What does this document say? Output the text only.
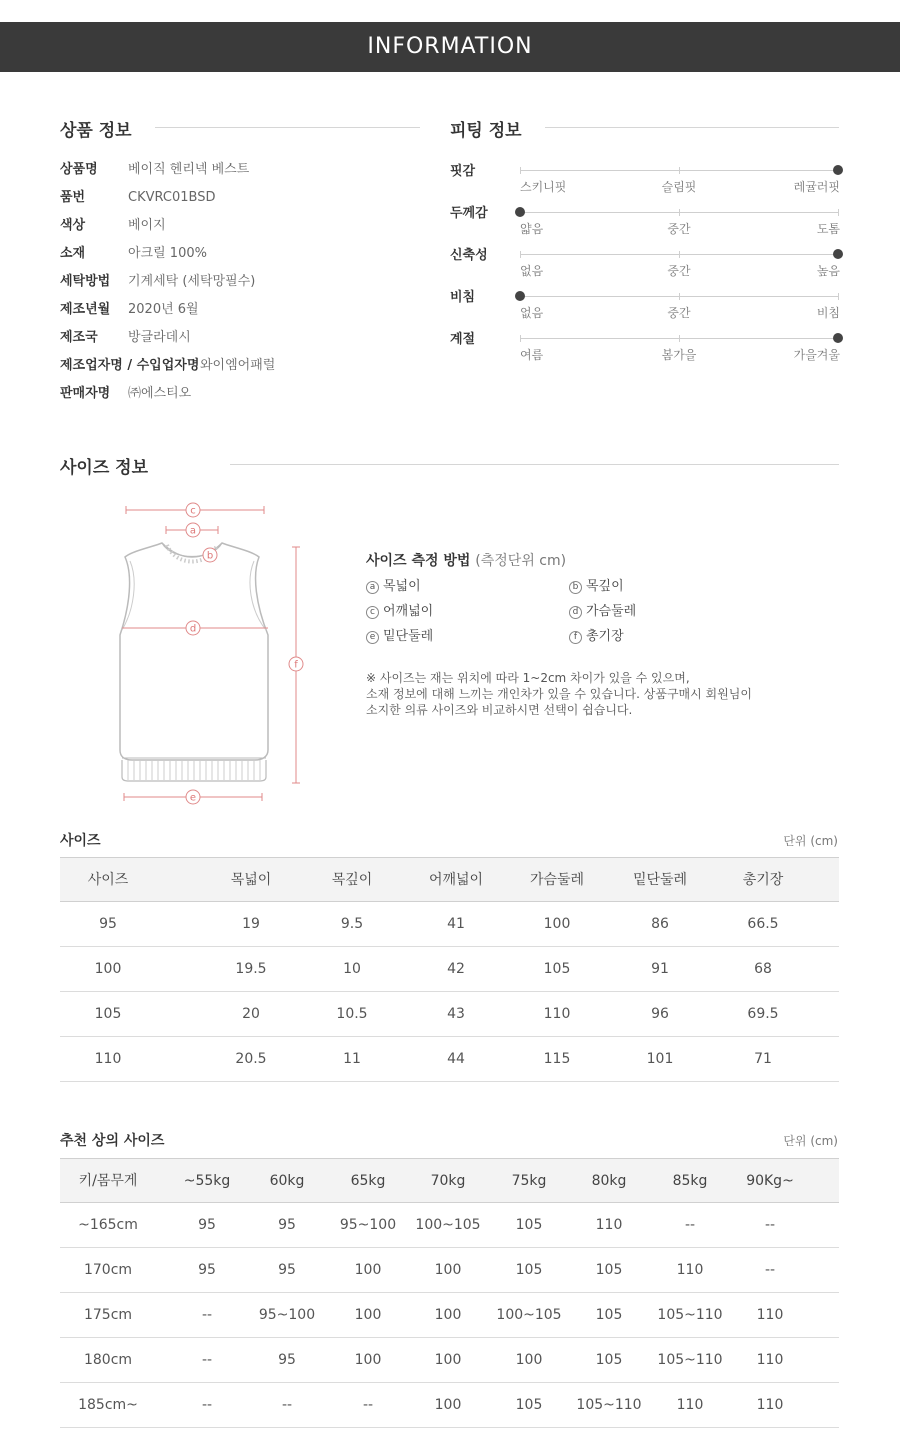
INFORMATION
상품 정보
상품명 베이직 헨리넥 베스트
품번	CKVRC01BSD
색상	베이지
소재	아크릴 100%
세탁방법 기계세탁 (세탁망필수)
제조년월 2020년 6월
제조국 방글라데시
제조업자명 / 수입업자명 와이엠어패럴
판매자명 ㈜에스티오
피팅 정보
핏감
스키니핏	슬림핏	레귤러핏
두께감
얇음	중간	도톰
신축성
없음	중간	높음
비침
없음	중간	비침
계절
여름	봄가을	가을겨울
사이즈 정보
c
a
b
d
f
e
사이즈 측정 방법 (측정단위 cm)
a 목넓이	b 목깊이
c 어깨넓이	d 가슴둘레
e 밑단둘레	f 총기장
※ 사이즈는 재는 위치에 따라 1~2cm 차이가 있을 수 있으며,
소재 정보에 대해 느끼는 개인차가 있을 수 있습니다. 상품구매시 회원님이
소지한 의류 사이즈와 비교하시면 선택이 쉽습니다.
사이즈	단위 (cm)
사이즈	목넓이	목깊이	어깨넓이	가슴둘레	밑단둘레	총기장
95	19	9.5	41	100	86	66.5
100	19.5	10	42	105	91	68
105	20	10.5	43	110	96	69.5
110	20.5	11	44	115	101	71
추천 상의 사이즈	단위 (cm)
키/몸무게	~55kg	60kg	65kg	70kg	75kg	80kg	85kg	90Kg~
~165cm	95	95	95~100	100~105	105	110	--	--
170cm	95	95	100	100	105	105	110	--
175cm	--	95~100	100	100	100~105	105	105~110	110
180cm	--	95	100	100	100	105	105~110	110
185cm~	--	--	--	100	105	105~110	110	110
